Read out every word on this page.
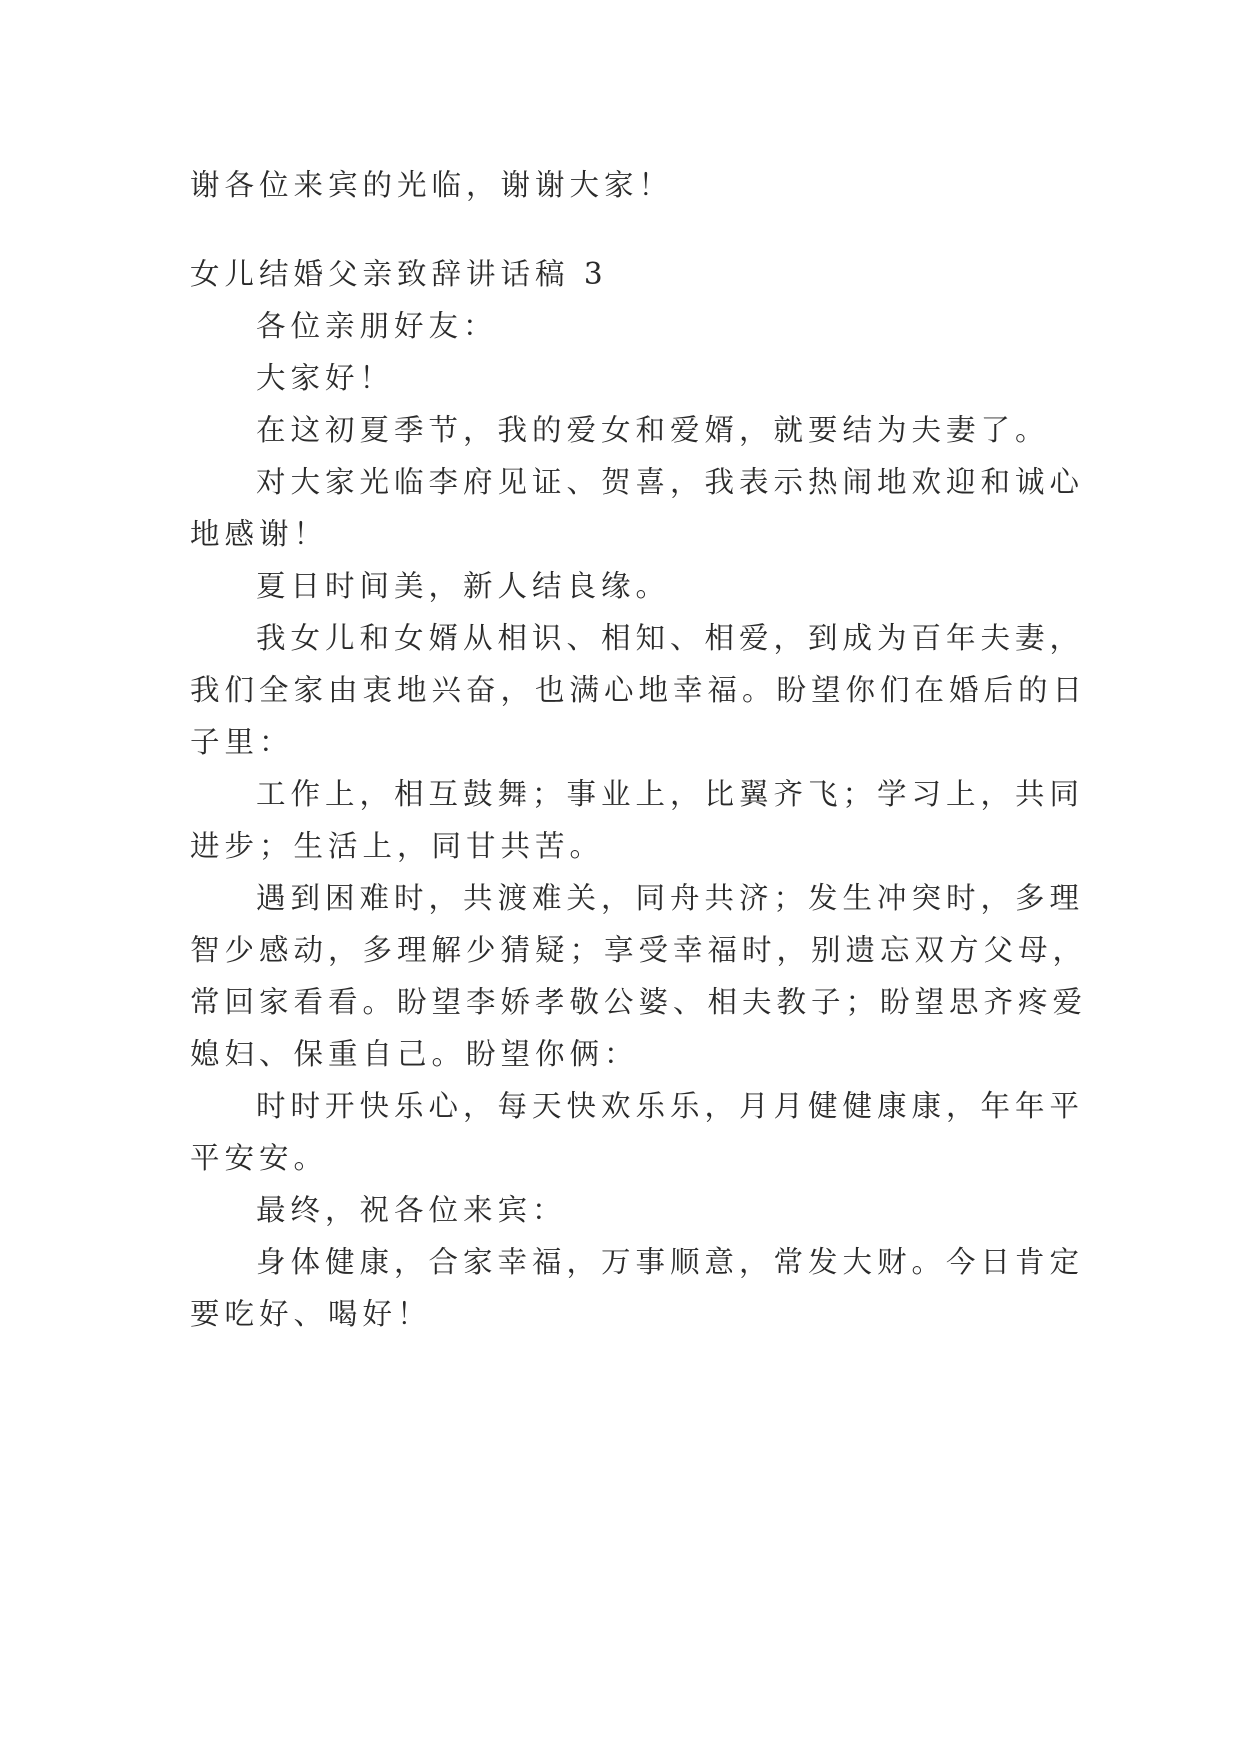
谢各位来宾的光临，谢谢大家！
女儿结婚父亲致辞讲话稿 3
各位亲朋好友：
大家好！
在这初夏季节，我的爱女和爱婿，就要结为夫妻了。
对大家光临李府见证、贺喜，我表示热闹地欢迎和诚心
地感谢！
夏日时间美，新人结良缘。
我女儿和女婿从相识、相知、相爱，到成为百年夫妻，
我们全家由衷地兴奋，也满心地幸福。盼望你们在婚后的日
子里：
工作上，相互鼓舞；事业上，比翼齐飞；学习上，共同
进步；生活上，同甘共苦。
遇到困难时，共渡难关，同舟共济；发生冲突时，多理
智少感动，多理解少猜疑；享受幸福时，别遗忘双方父母，
常回家看看。盼望李娇孝敬公婆、相夫教子；盼望思齐疼爱
媳妇、保重自己。盼望你俩：
时时开快乐心，每天快欢乐乐，月月健健康康，年年平
平安安。
最终，祝各位来宾：
身体健康，合家幸福，万事顺意，常发大财。今日肯定
要吃好、喝好！
